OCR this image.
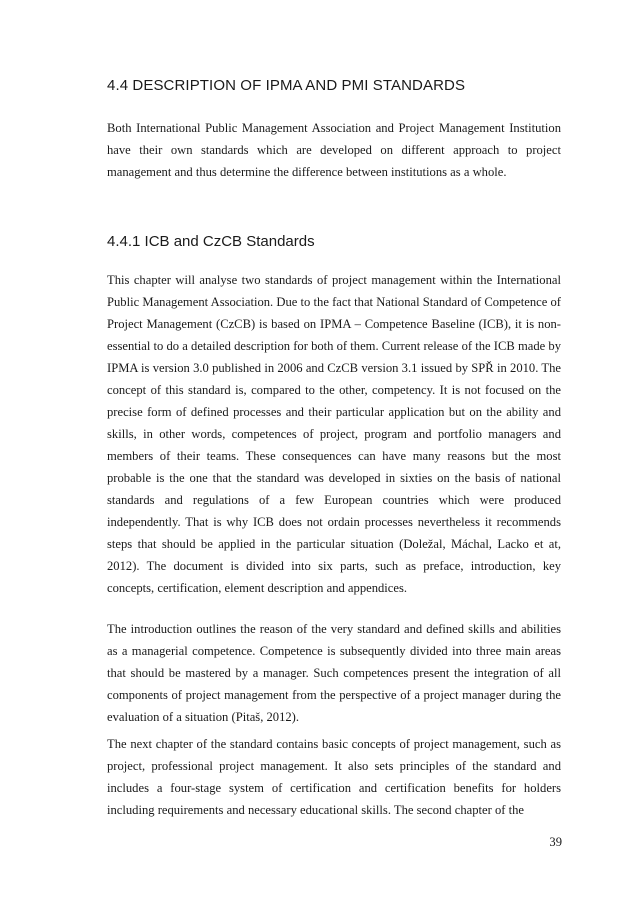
4.4 DESCRIPTION OF IPMA AND PMI STANDARDS

Both International Public Management Association and Project Management Institution have their own standards which are developed on different approach to project management and thus determine the difference between institutions as a whole.

4.4.1 ICB and CzCB Standards

This chapter will analyse two standards of project management within the International Public Management Association. Due to the fact that National Standard of Competence of Project Management (CzCB) is based on IPMA – Competence Baseline (ICB), it is non-essential to do a detailed description for both of them. Current release of the ICB made by IPMA is version 3.0 published in 2006 and CzCB version 3.1 issued by SPŘ in 2010. The concept of this standard is, compared to the other, competency. It is not focused on the precise form of defined processes and their particular application but on the ability and skills, in other words, competences of project, program and portfolio managers and members of their teams. These consequences can have many reasons but the most probable is the one that the standard was developed in sixties on the basis of national standards and regulations of a few European countries which were produced independently. That is why ICB does not ordain processes nevertheless it recommends steps that should be applied in the particular situation (Doležal, Máchal, Lacko et at, 2012). The document is divided into six parts, such as preface, introduction, key concepts, certification, element description and appendices.

The introduction outlines the reason of the very standard and defined skills and abilities as a managerial competence. Competence is subsequently divided into three main areas that should be mastered by a manager. Such competences present the integration of all components of project management from the perspective of a project manager during the evaluation of a situation (Pitaš, 2012).

The next chapter of the standard contains basic concepts of project management, such as project, professional project management. It also sets principles of the standard and includes a four-stage system of certification and certification benefits for holders including requirements and necessary educational skills. The second chapter of the

39
